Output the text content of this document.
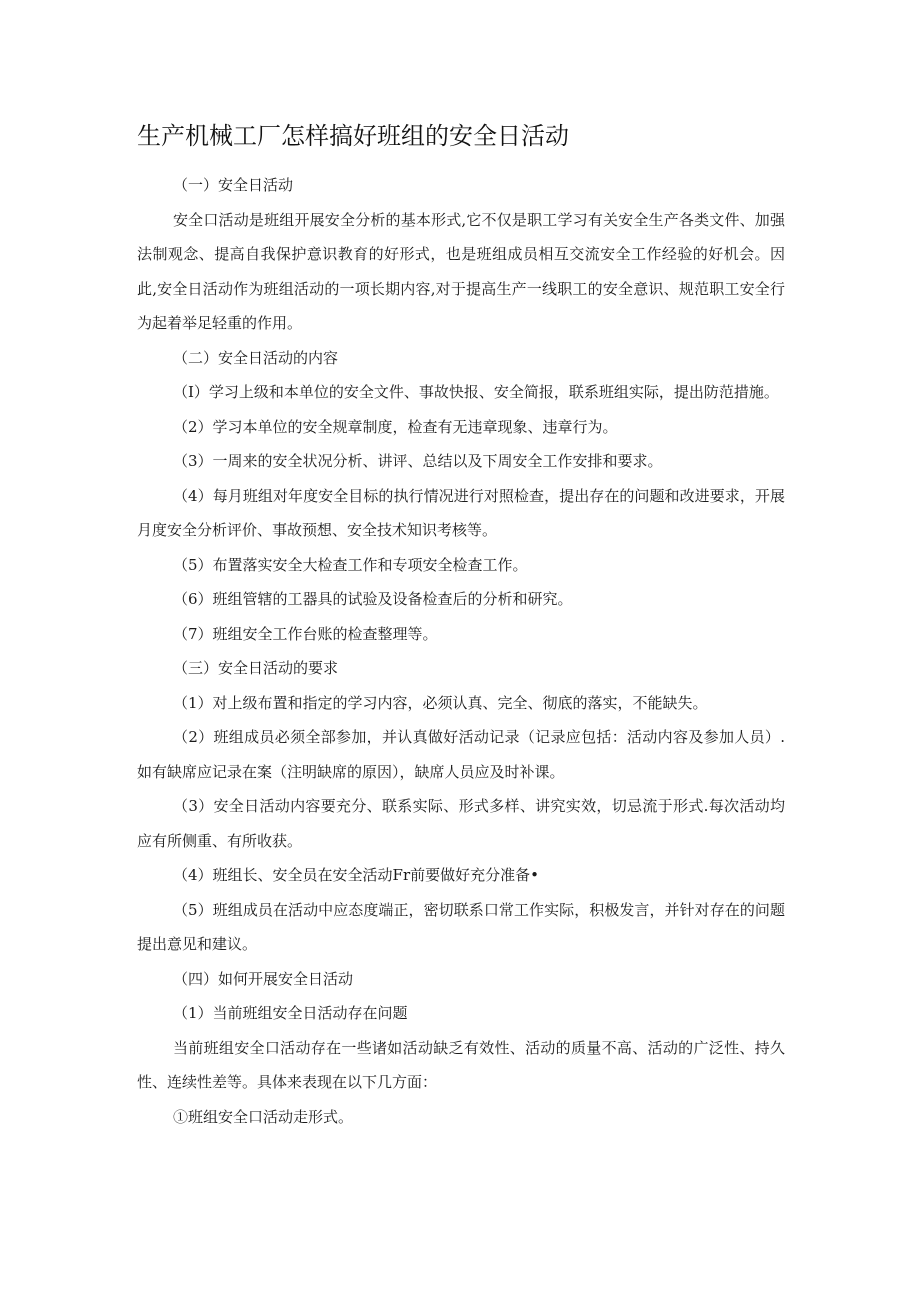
生产机械工厂怎样搞好班组的安全日活动

（一）安全日活动

安全口活动是班组开展安全分析的基本形式,它不仅是职工学习有关安全生产各类文件、加强法制观念、提高自我保护意识教育的好形式，也是班组成员相互交流安全工作经验的好机会。因此,安全日活动作为班组活动的一项长期内容,对于提高生产一线职工的安全意识、规范职工安全行为起着举足轻重的作用。

（二）安全日活动的内容

（I）学习上级和本单位的安全文件、事故快报、安全简报，联系班组实际，提出防范措施。

（2）学习本单位的安全规章制度，检查有无违章现象、违章行为。

（3）一周来的安全状况分析、讲评、总结以及下周安全工作安排和要求。

（4）每月班组对年度安全目标的执行情况进行对照检查，提出存在的问题和改进要求，开展月度安全分析评价、事故预想、安全技术知识考核等。

（5）布置落实安全大检查工作和专项安全检查工作。

（6）班组管辖的工器具的试验及设备检查后的分析和研究。

（7）班组安全工作台账的检查整理等。

（三）安全日活动的要求

（1）对上级布置和指定的学习内容，必须认真、完全、彻底的落实，不能缺失。

（2）班组成员必须全部参加，并认真做好活动记录（记录应包括：活动内容及参加人员）.如有缺席应记录在案（注明缺席的原因），缺席人员应及时补课。

（3）安全日活动内容要充分、联系实际、形式多样、讲究实效，切忌流于形式.每次活动均应有所侧重、有所收获。

（4）班组长、安全员在安全活动Fr前要做好充分准备•

（5）班组成员在活动中应态度端正，密切联系口常工作实际，积极发言，并针对存在的问题提出意见和建议。

（四）如何开展安全日活动

（1）当前班组安全日活动存在问题

当前班组安全口活动存在一些诸如活动缺乏有效性、活动的质量不高、活动的广泛性、持久性、连续性差等。具体来表现在以下几方面：

①班组安全口活动走形式。
